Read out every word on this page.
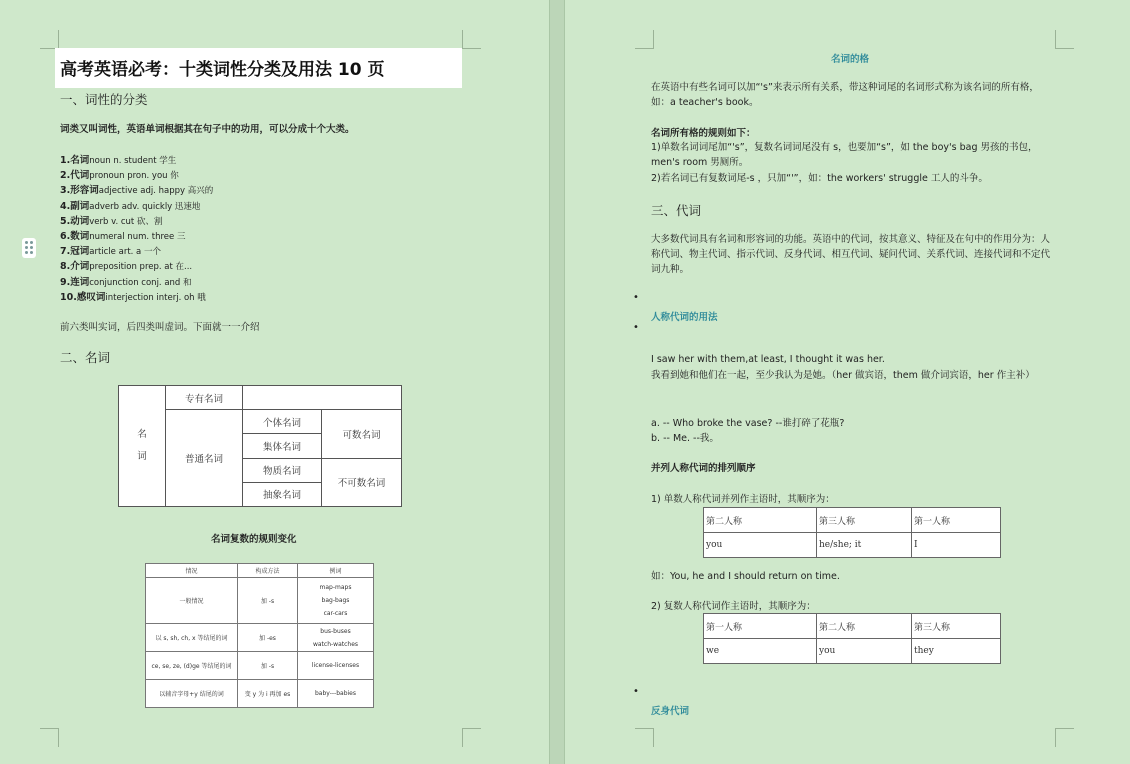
高考英语必考：十类词性分类及用法 10 页
一、词性的分类
词类又叫词性，英语单词根据其在句子中的功用，可以分成十个大类。
1.名词noun n. student 学生
2.代词pronoun pron. you 你
3.形容词adjective adj. happy 高兴的
4.副词adverb adv. quickly 迅速地
5.动词verb v. cut 砍、割
6.数词numeral num. three 三
7.冠词article art. a 一个
8.介词preposition prep. at 在...
9.连词conjunction conj. and 和
10.感叹词interjection interj. oh 哦
前六类叫实词，后四类叫虚词。下面就一一介绍
二、名词
名
词	专有名词		
	普通名词	个体名词	可数名词
		集体名词	
		物质名词	不可数名词
		抽象名词	
名词复数的规则变化
情况	构成方法	例词
一般情况	加 -s	map-maps
bag-bags
car-cars
以 s, sh, ch, x 等结尾的词	加 -es	bus-buses
watch-watches
ce, se, ze, (d)ge 等结尾的词	加 -s	license-licenses
以辅音字母+y 结尾的词	变 y 为 i 再加 es	baby---babies
名词的格
在英语中有些名词可以加“'s”来表示所有关系，带这种词尾的名词形式称为该名词的所有格，如：a teacher's book。
名词所有格的规则如下：
1)单数名词词尾加“'s”，复数名词词尾没有 s，也要加“s”，如 the boy's bag 男孩的书包，men's room 男厕所。
2)若名词已有复数词尾-s ，只加“'”，如：the workers' struggle 工人的斗争。
三、代词
大多数代词具有名词和形容词的功能。英语中的代词，按其意义、特征及在句中的作用分为：人称代词、物主代词、指示代词、反身代词、相互代词、疑问代词、关系代词、连接代词和不定代词九种。
•
人称代词的用法
•
I saw her with them,at least, I thought it was her.
我看到她和他们在一起，至少我认为是她。（her 做宾语，them 做介词宾语，her 作主补）
a. -- Who broke the vase? --谁打碎了花瓶?
b. -- Me. --我。
并列人称代词的排列顺序
1) 单数人称代词并列作主语时，其顺序为：
第二人称	第三人称	第一人称
you	he/she; it	I
如：You, he and I should return on time.
2) 复数人称代词作主语时，其顺序为：
第一人称	第二人称	第三人称
we	you	they
•
反身代词
